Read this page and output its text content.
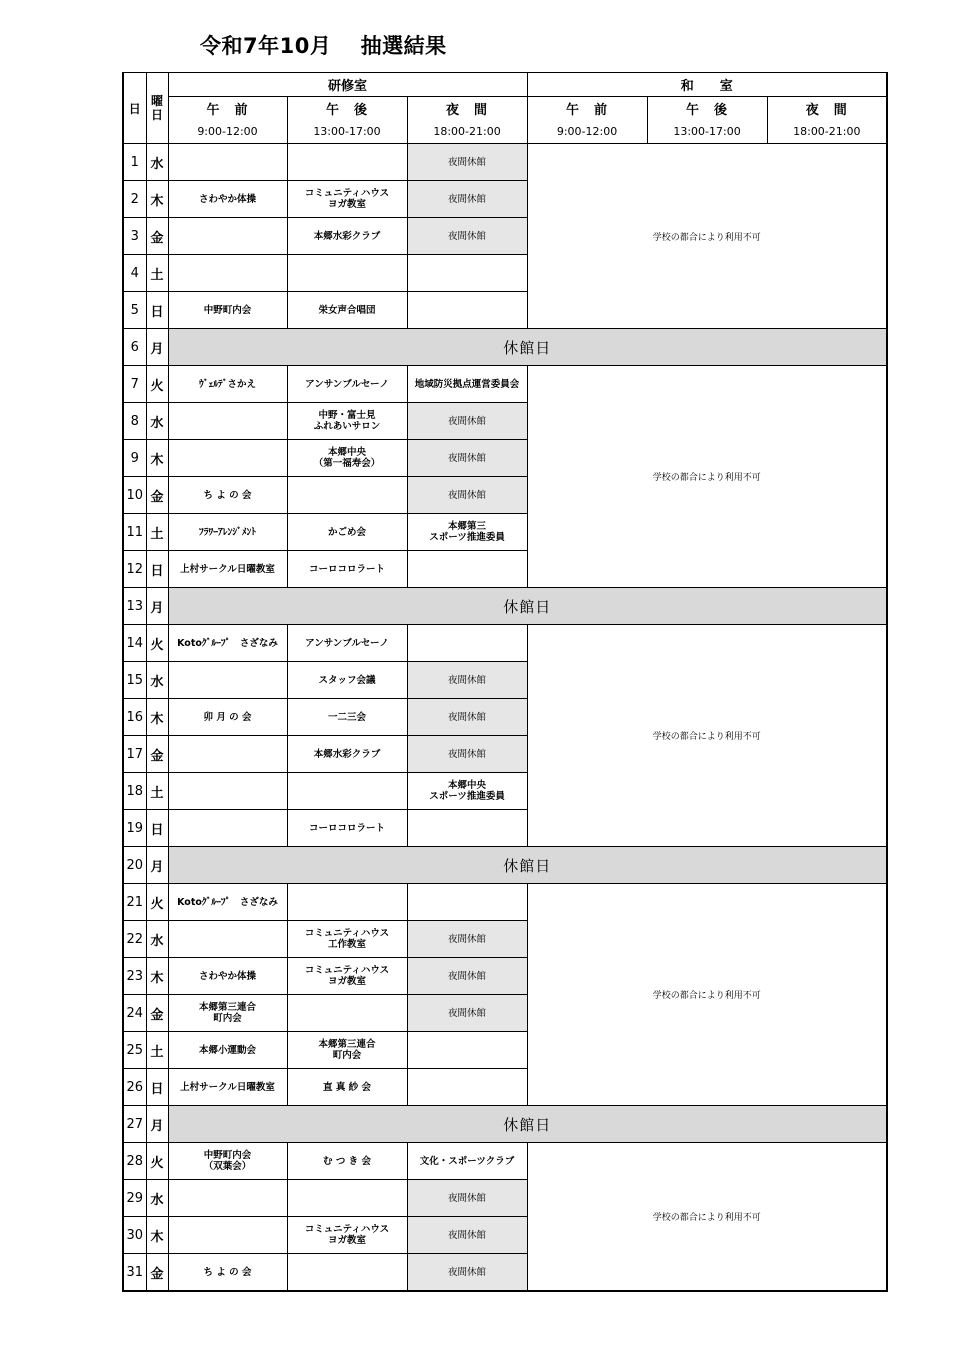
令和7年10月　 抽選結果
日	曜
日	研修室			和　　室		
		午　前	午　後	夜　間	午　前	午　後	夜　間
		9:00-12:00	13:00-17:00	18:00-21:00	9:00-12:00	13:00-17:00	18:00-21:00
1	水			夜間休館	学校の都合により利用不可		
2	木	さわやか体操	コミュニティハウス
ヨガ教室	夜間休館			
3	金		本郷水彩クラブ	夜間休館			
4	土						
5	日	中野町内会	栄女声合唱団				
6	月	休館日					
7	火	ｳﾞｪﾙﾃﾞさかえ	アンサンブルセーノ	地域防災拠点運営委員会	学校の都合により利用不可		
8	水		中野・富士見
ふれあいサロン	夜間休館			
9	木		本郷中央
（第一福寿会）	夜間休館			
10	金	ち よ の 会		夜間休館			
11	土	ﾌﾗﾜｰｱﾚﾝｼﾞﾒﾝﾄ	かごめ会	本郷第三
スポーツ推進委員			
12	日	上村サークル日曜教室	コーロコロラート				
13	月	休館日					
14	火	Kotoｸﾞﾙｰﾌﾟ　さざなみ	アンサンブルセーノ		学校の都合により利用不可		
15	水		スタッフ会議	夜間休館			
16	木	卯 月 の 会	一二三会	夜間休館			
17	金		本郷水彩クラブ	夜間休館			
18	土			本郷中央
スポーツ推進委員			
19	日		コーロコロラート				
20	月	休館日					
21	火	Kotoｸﾞﾙｰﾌﾟ　さざなみ			学校の都合により利用不可		
22	水		コミュニティハウス
工作教室	夜間休館			
23	木	さわやか体操	コミュニティハウス
ヨガ教室	夜間休館			
24	金	本郷第三連合
町内会		夜間休館			
25	土	本郷小運動会	本郷第三連合
町内会				
26	日	上村サークル日曜教室	直 真 紗 会				
27	月	休館日					
28	火	中野町内会
（双葉会）	む つ き 会	文化・スポーツクラブ	学校の都合により利用不可		
29	水			夜間休館			
30	木		コミュニティハウス
ヨガ教室	夜間休館			
31	金	ち よ の 会		夜間休館			
